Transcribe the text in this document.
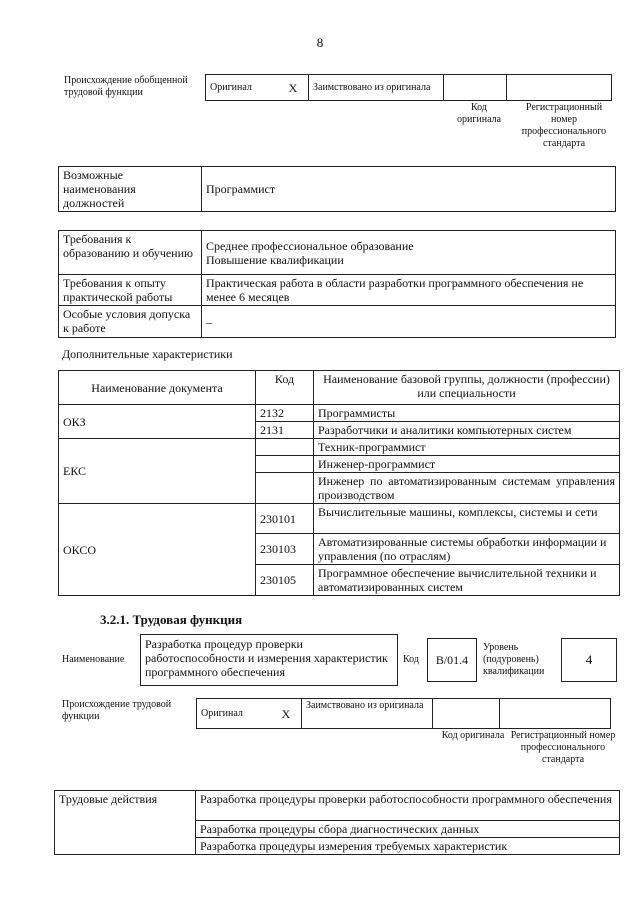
8
Происхождение обобщенной трудовой функции	Оригинал	X	Заимствовано из оригинала		
Код оригинала
Регистрационный номер профессионального стандарта
Возможные наименования должностей	Программист
Требования к образованию и обучению	Среднее профессиональное образование
Повышение квалификации
Требования к опыту практической работы	Практическая работа в области разработки программного обеспечения не менее 6 месяцев
Особые условия допуска к работе	–
Дополнительные характеристики
Наименование документа	Код	Наименование базовой группы, должности (профессии) или специальности
ОКЗ	2132	Программисты
	2131	Разработчики и аналитики компьютерных систем
ЕКС		Техник-программист
		Инженер-программист
		Инженер по автоматизированным системам управления производством
ОКСО	230101	Вычислительные машины, комплексы, системы и сети
	230103	Автоматизированные системы обработки информации и управления (по отраслям)
	230105	Программное обеспечение вычислительной техники и автоматизированных систем
3.2.1. Трудовая функция
Наименование
Разработка процедур проверки работоспособности и измерения характеристик программного обеспечения
Код	B/01.4
Уровень (подуровень) квалификации
4
Происхождение трудовой функции	Оригинал	X	Заимствовано из оригинала		
Код оригинала Регистрационный номер профессионального стандарта
Трудовые действия	Разработка процедуры проверки работоспособности программного обеспечения
Разработка процедуры сбора диагностических данных
Разработка процедуры измерения требуемых характеристик
